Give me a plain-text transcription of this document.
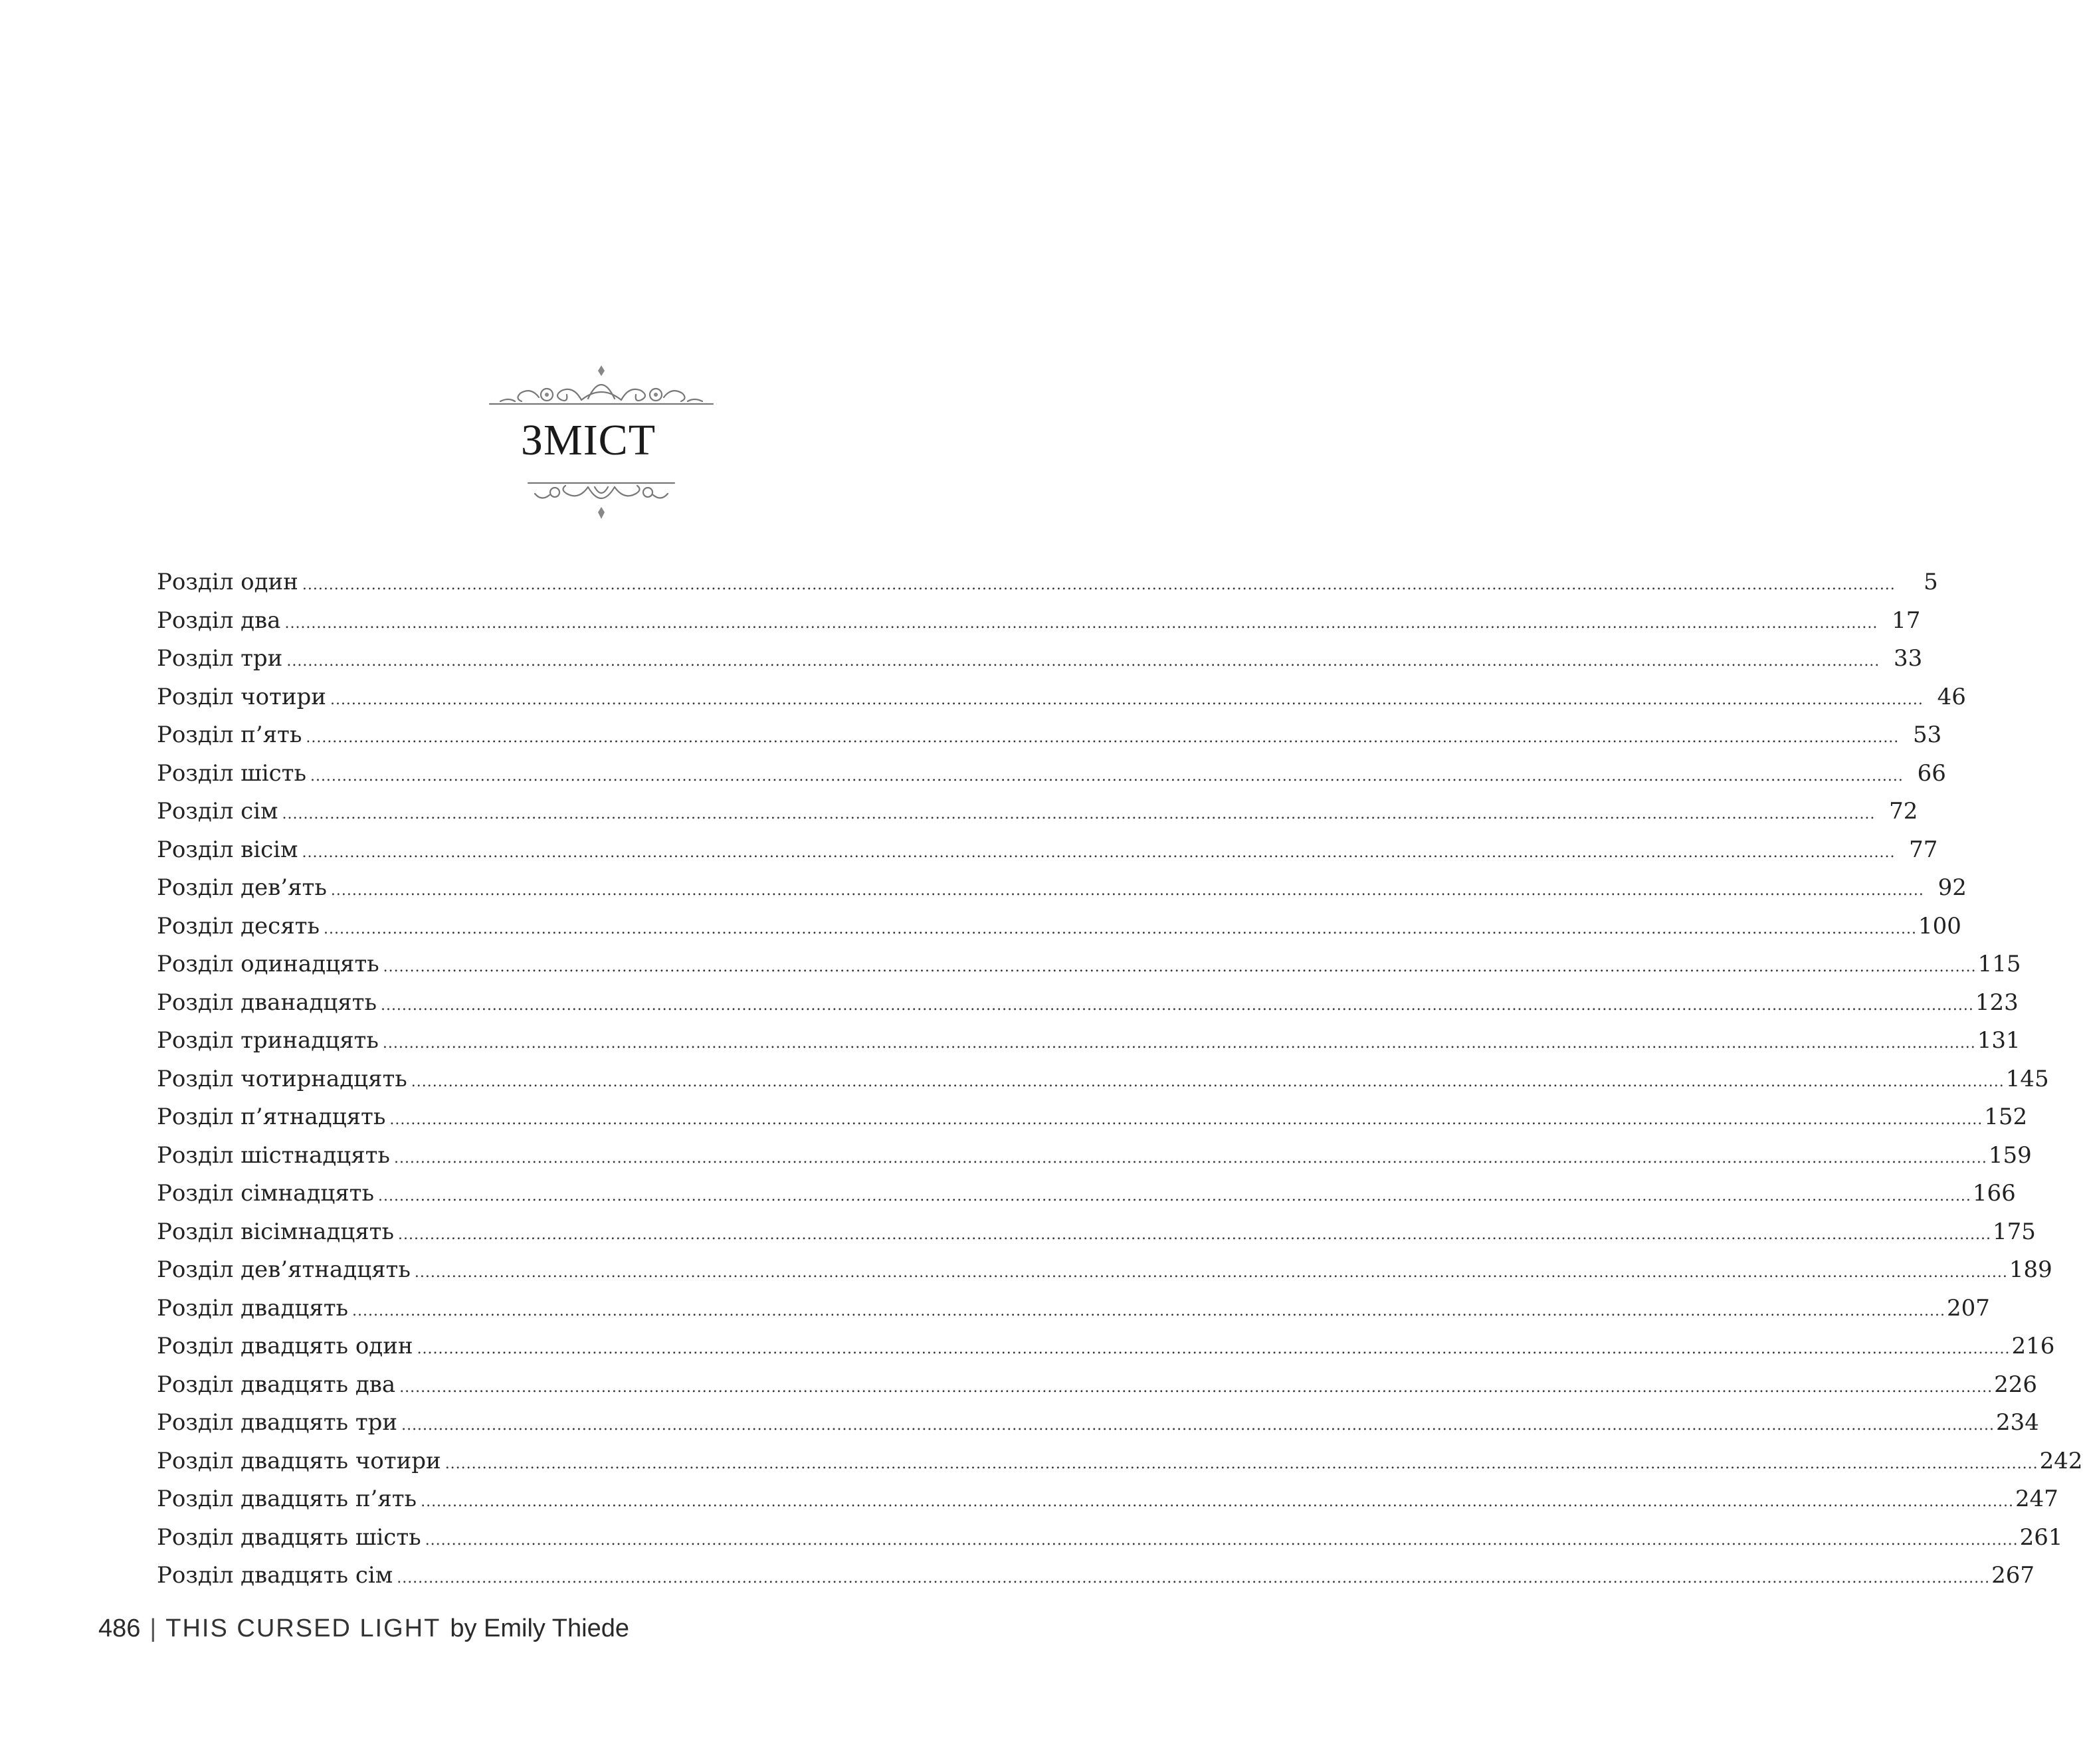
ЗМІСТ
Розділ один ............................................................................................................................................................................................................................................................................................................	5
Розділ два ............................................................................................................................................................................................................................................................................................................ 17
Розділ три ............................................................................................................................................................................................................................................................................................................ 33
Розділ чотири ............................................................................................................................................................................................................................................................................................................ 46
Розділ п’ять ............................................................................................................................................................................................................................................................................................................ 53
Розділ шість ............................................................................................................................................................................................................................................................................................................ 66
Розділ сім ............................................................................................................................................................................................................................................................................................................ 72
Розділ вісім ............................................................................................................................................................................................................................................................................................................ 77
Розділ дев’ять ............................................................................................................................................................................................................................................................................................................ 92
Розділ десять ............................................................................................................................................................................................................................................................................................................ 100
Розділ одинадцять ............................................................................................................................................................................................................................................................................................................ 115
Розділ дванадцять ............................................................................................................................................................................................................................................................................................................ 123
Розділ тринадцять ............................................................................................................................................................................................................................................................................................................ 131
Розділ чотирнадцять ............................................................................................................................................................................................................................................................................................................ 145
Розділ п’ятнадцять ............................................................................................................................................................................................................................................................................................................ 152
Розділ шістнадцять ............................................................................................................................................................................................................................................................................................................ 159
Розділ сімнадцять ............................................................................................................................................................................................................................................................................................................ 166
Розділ вісімнадцять ............................................................................................................................................................................................................................................................................................................ 175
Розділ дев’ятнадцять ............................................................................................................................................................................................................................................................................................................ 189
Розділ двадцять ............................................................................................................................................................................................................................................................................................................ 207
Розділ двадцять один ............................................................................................................................................................................................................................................................................................................ 216
Розділ двадцять два ............................................................................................................................................................................................................................................................................................................ 226
Розділ двадцять три ............................................................................................................................................................................................................................................................................................................ 234
Розділ двадцять чотири ............................................................................................................................................................................................................................................................................................................ 242
Розділ двадцять п’ять ............................................................................................................................................................................................................................................................................................................ 247
Розділ двадцять шість ............................................................................................................................................................................................................................................................................................................ 261
Розділ двадцять сім ............................................................................................................................................................................................................................................................................................................ 267
486 | THIS CURSED LIGHT by Emily Thiede
